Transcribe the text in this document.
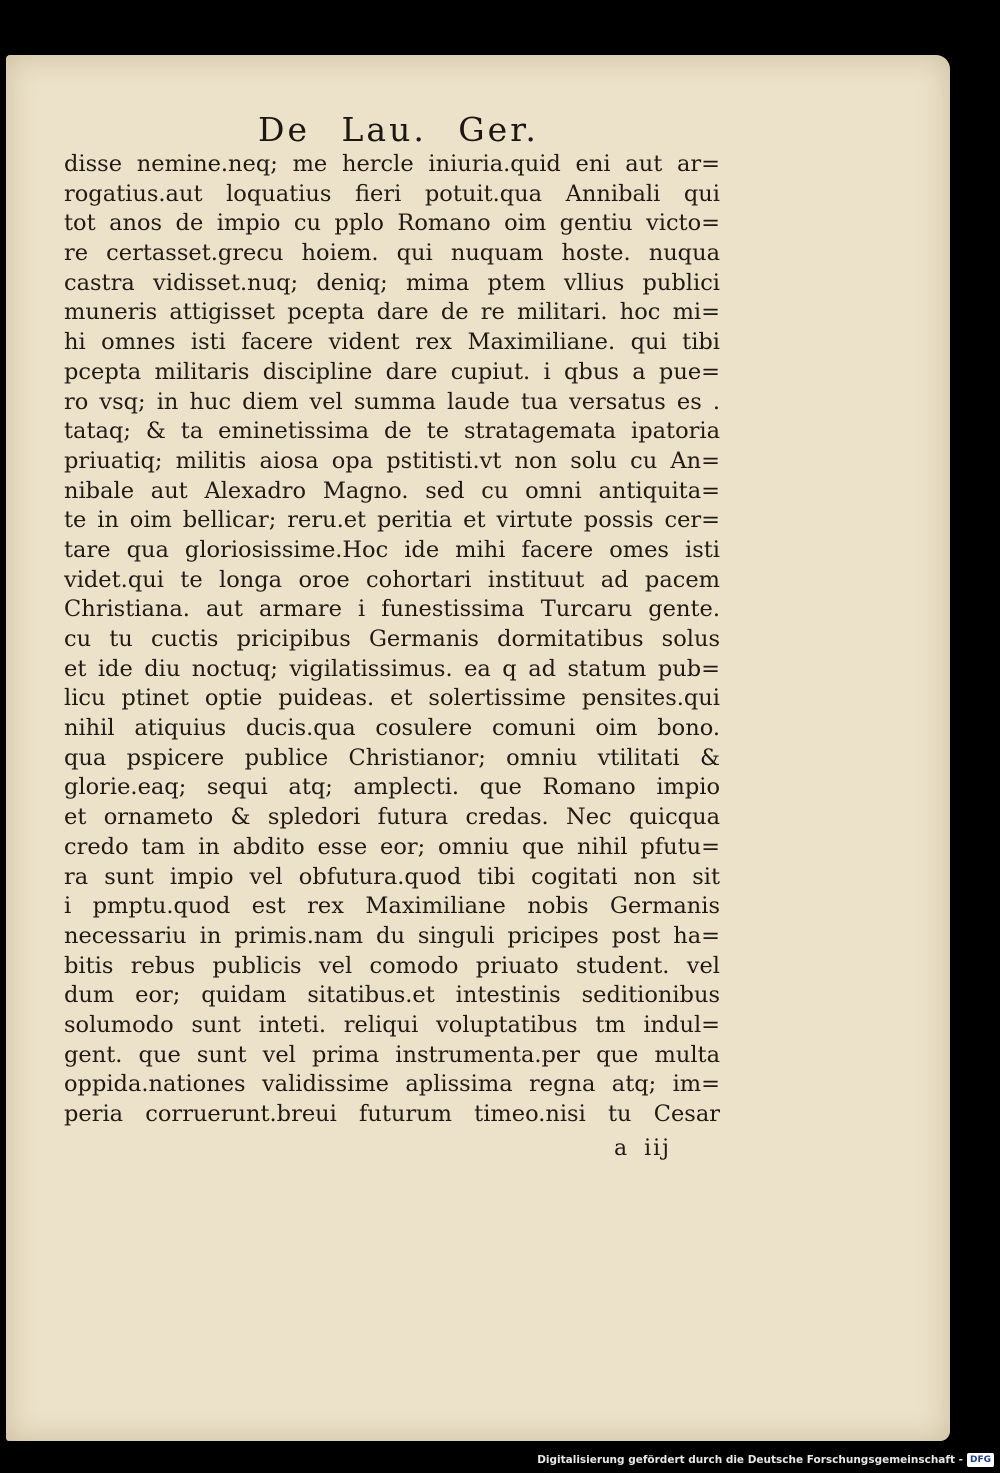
De Lau. Ger.
disse nemine.neq; me hercle iniuria.quid eni aut ar=
rogatius.aut loquatius fieri potuit.qua Annibali qui
tot anos de impio cu pplo Romano oim gentiu victo=
re certasset.grecu hoiem. qui nuquam hoste. nuqua
castra vidisset.nuq; deniq; mima ptem vllius publici
muneris attigisset pcepta dare de re militari. hoc mi=
hi omnes isti facere vident rex Maximiliane. qui tibi
pcepta militaris discipline dare cupiut. i qbus a pue=
ro vsq; in huc diem vel summa laude tua versatus es .
tataq; & ta eminetissima de te stratagemata ipatoria
priuatiq; militis aiosa opa pstitisti.vt non solu cu An=
nibale aut Alexadro Magno. sed cu omni antiquita=
te in oim bellicar; reru.et peritia et virtute possis cer=
tare qua gloriosissime.Hoc ide mihi facere omes isti
videt.qui te longa oroe cohortari instituut ad pacem
Christiana. aut armare i funestissima Turcaru gente.
cu tu cuctis pricipibus Germanis dormitatibus solus
et ide diu noctuq; vigilatissimus. ea q ad statum pub=
licu ptinet optie puideas. et solertissime pensites.qui
nihil atiquius ducis.qua cosulere comuni oim bono.
qua pspicere publice Christianor; omniu vtilitati &
glorie.eaq; sequi atq; amplecti. que Romano impio
et ornameto & spledori futura credas. Nec quicqua
credo tam in abdito esse eor; omniu que nihil pfutu=
ra sunt impio vel obfutura.quod tibi cogitati non sit
i pmptu.quod est rex Maximiliane nobis Germanis
necessariu in primis.nam du singuli pricipes post ha=
bitis rebus publicis vel comodo priuato student. vel
dum eor; quidam sitatibus.et intestinis seditionibus
solumodo sunt inteti. reliqui voluptatibus tm indul=
gent. que sunt vel prima instrumenta.per que multa
oppida.nationes validissime aplissima regna atq; im=
peria corruerunt.breui futurum timeo.nisi tu Cesar
a iij
Digitalisierung gefördert durch die Deutsche Forschungsgemeinschaft - DFG
